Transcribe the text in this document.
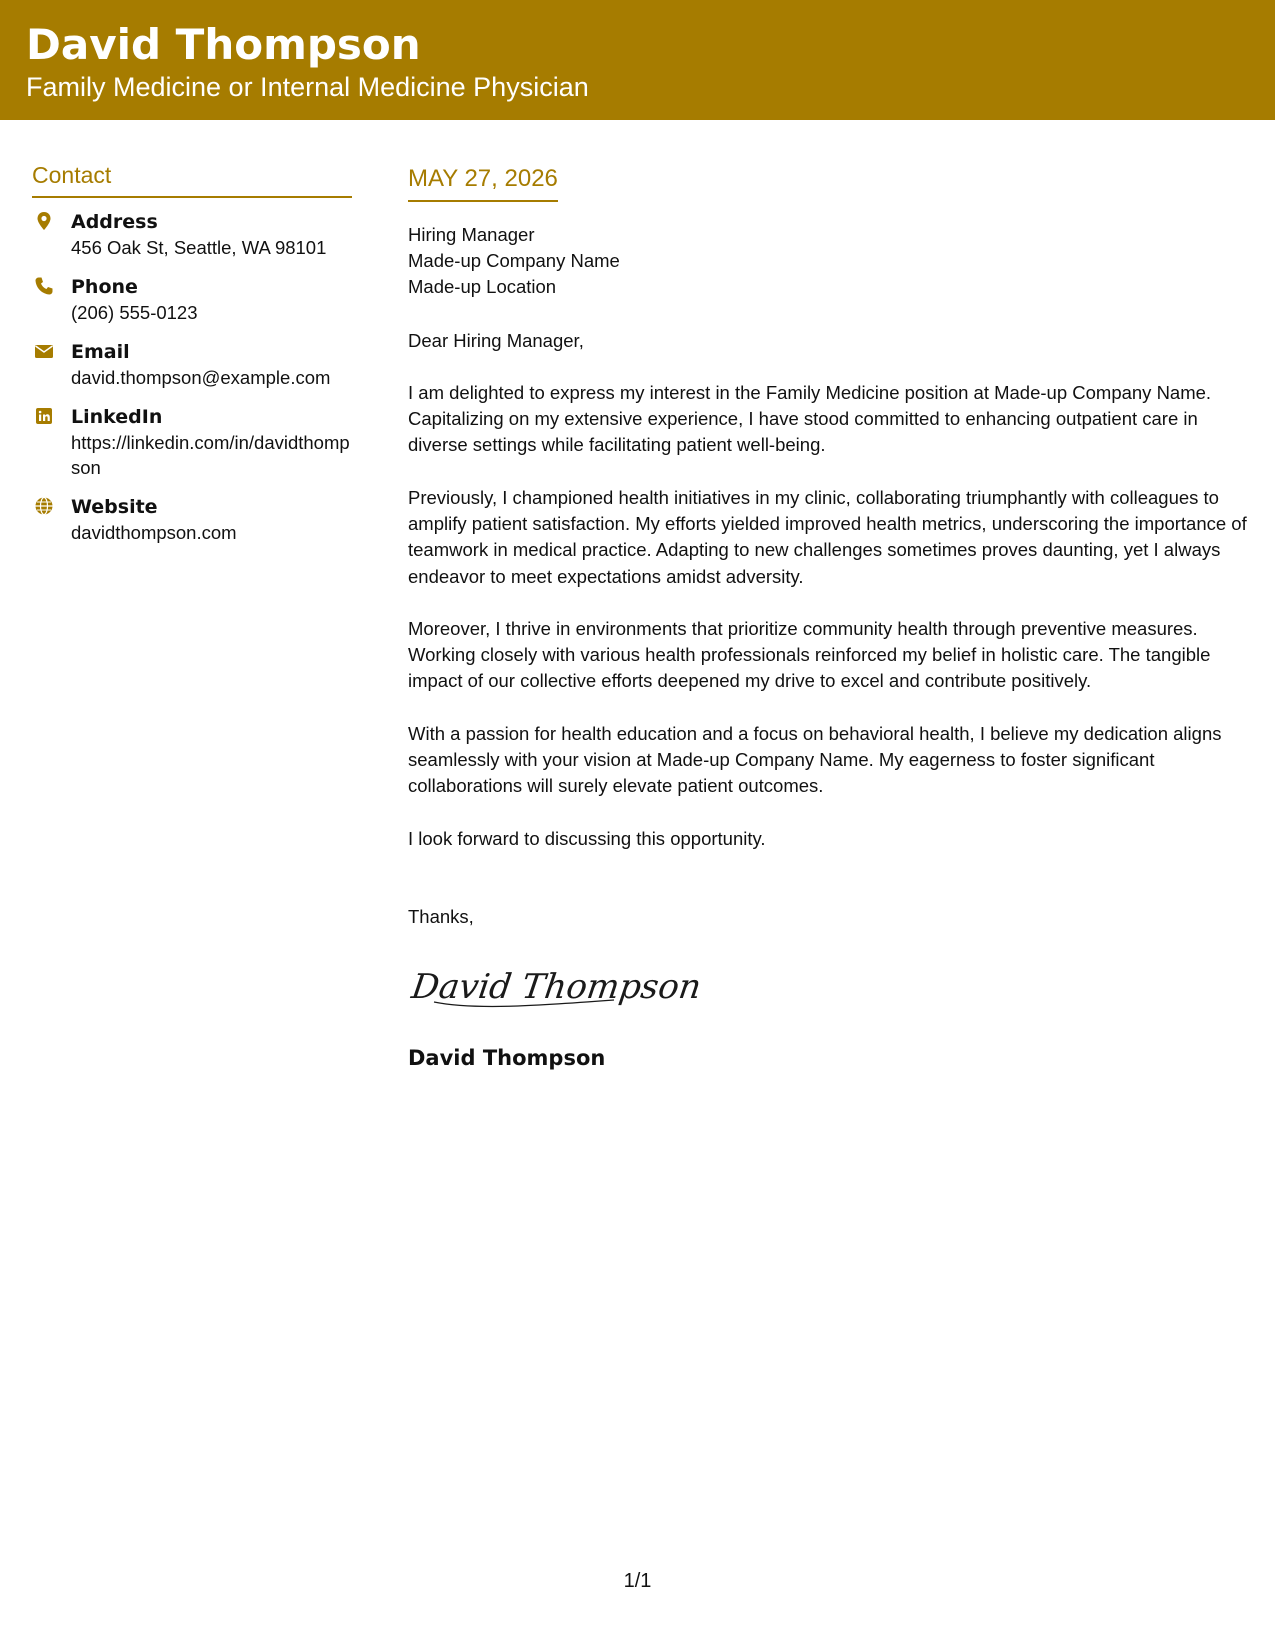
David Thompson
Family Medicine or Internal Medicine Physician
Contact
Address
456 Oak St, Seattle, WA 98101
Phone
(206) 555-0123
Email
david.thompson@example.com
LinkedIn
https://linkedin.com/in/davidthompson
Website
davidthompson.com
MAY 27, 2026
Hiring Manager
Made-up Company Name
Made-up Location
Dear Hiring Manager,
I am delighted to express my interest in the Family Medicine position at Made-up Company Name. Capitalizing on my extensive experience, I have stood committed to enhancing outpatient care in diverse settings while facilitating patient well-being.
Previously, I championed health initiatives in my clinic, collaborating triumphantly with colleagues to amplify patient satisfaction. My efforts yielded improved health metrics, underscoring the importance of teamwork in medical practice. Adapting to new challenges sometimes proves daunting, yet I always endeavor to meet expectations amidst adversity.
Moreover, I thrive in environments that prioritize community health through preventive measures. Working closely with various health professionals reinforced my belief in holistic care. The tangible impact of our collective efforts deepened my drive to excel and contribute positively.
With a passion for health education and a focus on behavioral health, I believe my dedication aligns seamlessly with your vision at Made-up Company Name. My eagerness to foster significant collaborations will surely elevate patient outcomes.
I look forward to discussing this opportunity.
Thanks,
David Thompson
David Thompson
1/1
